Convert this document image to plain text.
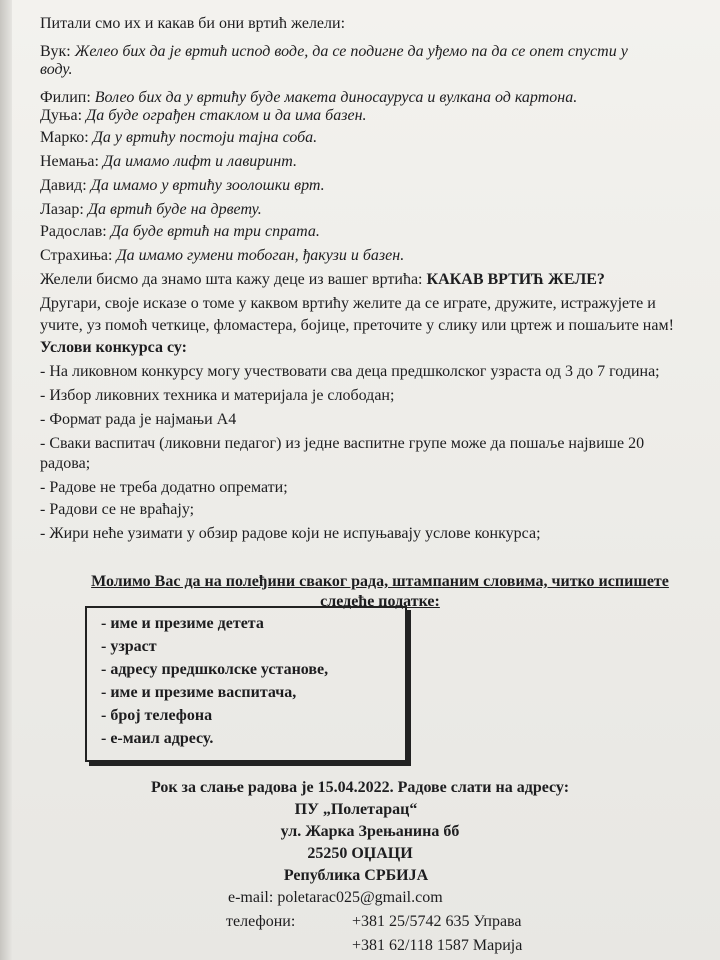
Питали смо их и какав би они вртић желели:
Вук: Желео бих да је вртић испод воде, да се подигне да уђемо па да се опет спусти у
воду.
Филип: Волео бих да у вртићу буде макета диносауруса и вулкана од картона.
Дуња: Да буде ограђен стаклом и да има базен.
Марко: Да у вртићу постоји тајна соба.
Немања: Да имамо лифт и лавиринт.
Давид: Да имамо у вртићу зоолошки врт.
Лазар: Да вртић буде на дрвету.
Радослав: Да буде вртић на три спрата.
Страхиња: Да имамо гумени тобоган, ђакузи и базен.
Желели бисмо да знамо шта кажу деце из вашег вртића: КАКАВ ВРТИЋ ЖЕЛЕ?
Другари, своје исказе о томе у каквом вртићу желите да се играте, дружите, истражујете и
учите, уз помоћ четкице, фломастера, бојице, преточите у слику или цртеж и пошаљите нам!
Услови конкурса су:
- На ликовном конкурсу могу учествовати сва деца предшколског узраста од 3 до 7 година;
- Избор ликовних техника и материјала је слободан;
- Формат рада је најмањи А4
- Сваки васпитач (ликовни педагог) из једне васпитне групе може да пошаље највише 20
радова;
- Радове не треба додатно опремати;
- Радови се не враћају;
- Жири неће узимати у обзир радове који не испуњавају услове конкурса;
Молимо Вас да на полеђини сваког рада, штампаним словима, читко испишете
следеће податке:
- име и презиме детета
- узраст
- адресу предшколске установе,
- име и презиме васпитача,
- број телефона
- е-маил адресу.
Рок за слање радова је 15.04.2022. Радове слати на адресу:
ПУ „Полетарац“
ул. Жарка Зрењанина бб
25250 ОЏАЦИ
Република СРБИЈА
e-mail: poletarac025@gmail.com
телефони:	+381 25/5742 635 Управа
+381 62/118 1587 Марија
